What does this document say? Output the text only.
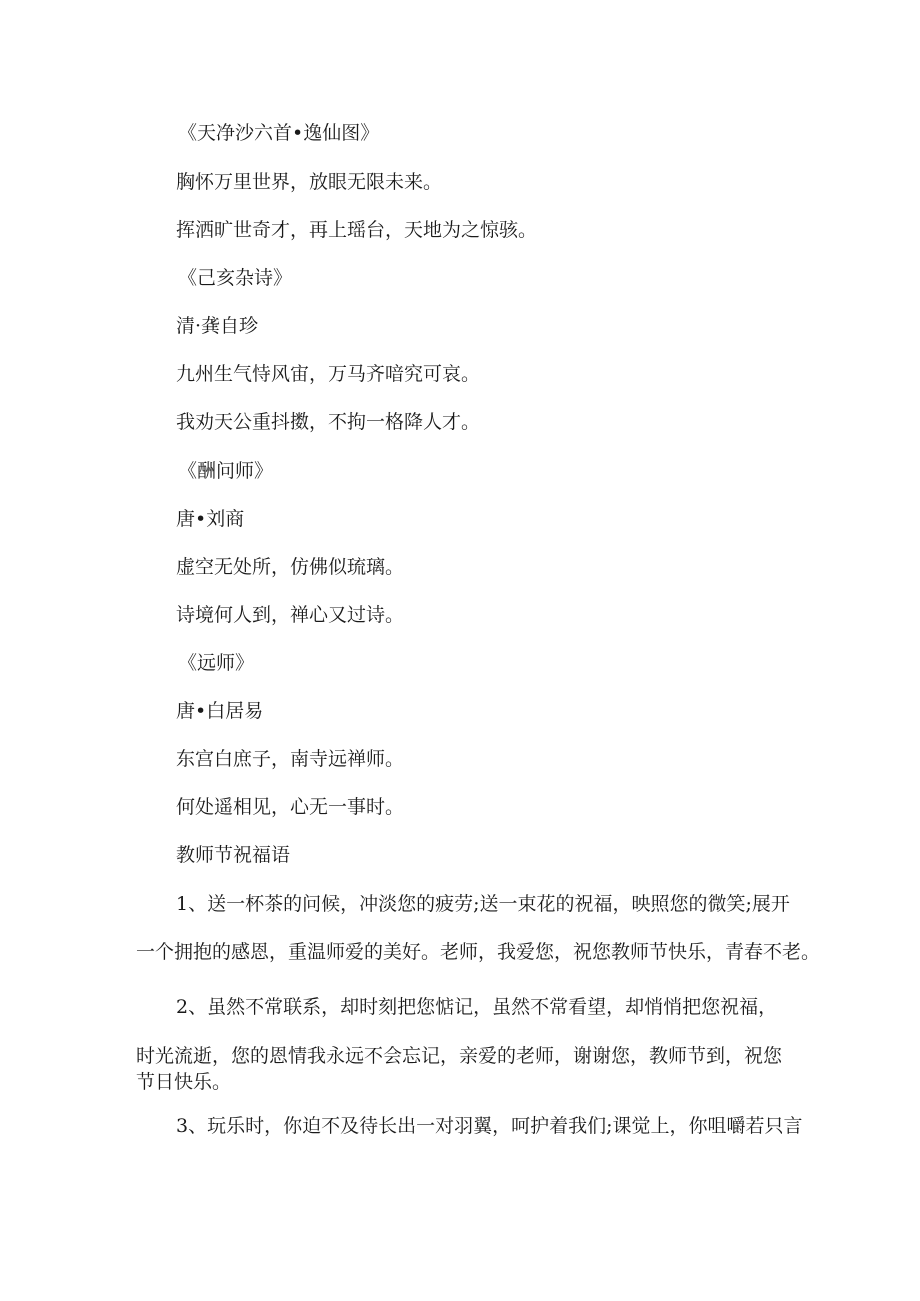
《天净沙六首•逸仙图》
胸怀万里世界，放眼无限未来。
挥洒旷世奇才，再上瑶台，天地为之惊骇。
《己亥杂诗》
清·龚自珍
九州生气恃风宙，万马齐喑究可哀。
我劝天公重抖擞，不拘一格降人才。
《酬问师》
唐•刘商
虚空无处所，仿佛似琉璃。
诗境何人到，禅心又过诗。
《远师》
唐•白居易
东宫白庶子，南寺远禅师。
何处遥相见，心无一事时。
教师节祝福语
1、送一杯茶的问候，冲淡您的疲劳;送一束花的祝福，映照您的微笑;展开
一个拥抱的感恩，重温师爱的美好。老师，我爱您，祝您教师节快乐，青春不老。
2、虽然不常联系，却时刻把您惦记，虽然不常看望，却悄悄把您祝福，
时光流逝，您的恩情我永远不会忘记，亲爱的老师，谢谢您，教师节到，祝您
节日快乐。
3、玩乐时，你迫不及待长出一对羽翼，呵护着我们;课觉上，你咀嚼若只言
